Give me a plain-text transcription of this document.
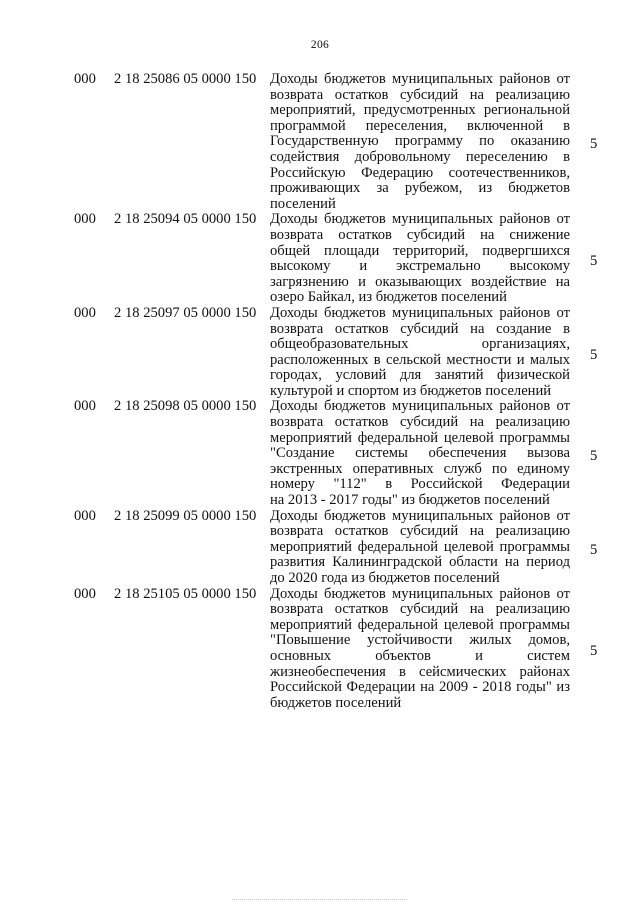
206
000	2 18 25086 05 0000 150 Доходы бюджетов муниципальных районов от
возврата остатков субсидий на реализацию
мероприятий, предусмотренных региональной
программой переселения, включенной в
Государственную программу по оказанию
содействия добровольному переселению в
Российскую Федерацию соотечественников,
проживающих за рубежом, из бюджетов
поселений
5
000	2 18 25094 05 0000 150 Доходы бюджетов муниципальных районов от
возврата остатков субсидий на снижение
общей площади территорий, подвергшихся
высокому и экстремально высокому
загрязнению и оказывающих воздействие на
озеро Байкал, из бюджетов поселений
5
000	2 18 25097 05 0000 150 Доходы бюджетов муниципальных районов от
возврата остатков субсидий на создание в
общеобразовательных организациях,
расположенных в сельской местности и малых
городах, условий для занятий физической
культурой и спортом из бюджетов поселений
5
000	2 18 25098 05 0000 150 Доходы бюджетов муниципальных районов от
возврата остатков субсидий на реализацию
мероприятий федеральной целевой программы
"Создание системы обеспечения вызова
экстренных оперативных служб по единому
номеру "112" в Российской Федерации
на 2013 - 2017 годы" из бюджетов поселений
5
000	2 18 25099 05 0000 150 Доходы бюджетов муниципальных районов от
возврата остатков субсидий на реализацию
мероприятий федеральной целевой программы
развития Калининградской области на период
до 2020 года из бюджетов поселений
5
000	2 18 25105 05 0000 150 Доходы бюджетов муниципальных районов от
возврата остатков субсидий на реализацию
мероприятий федеральной целевой программы
"Повышение устойчивости жилых домов,
основных объектов и систем
жизнеобеспечения в сейсмических районах
Российской Федерации на 2009 - 2018 годы" из
бюджетов поселений
5
